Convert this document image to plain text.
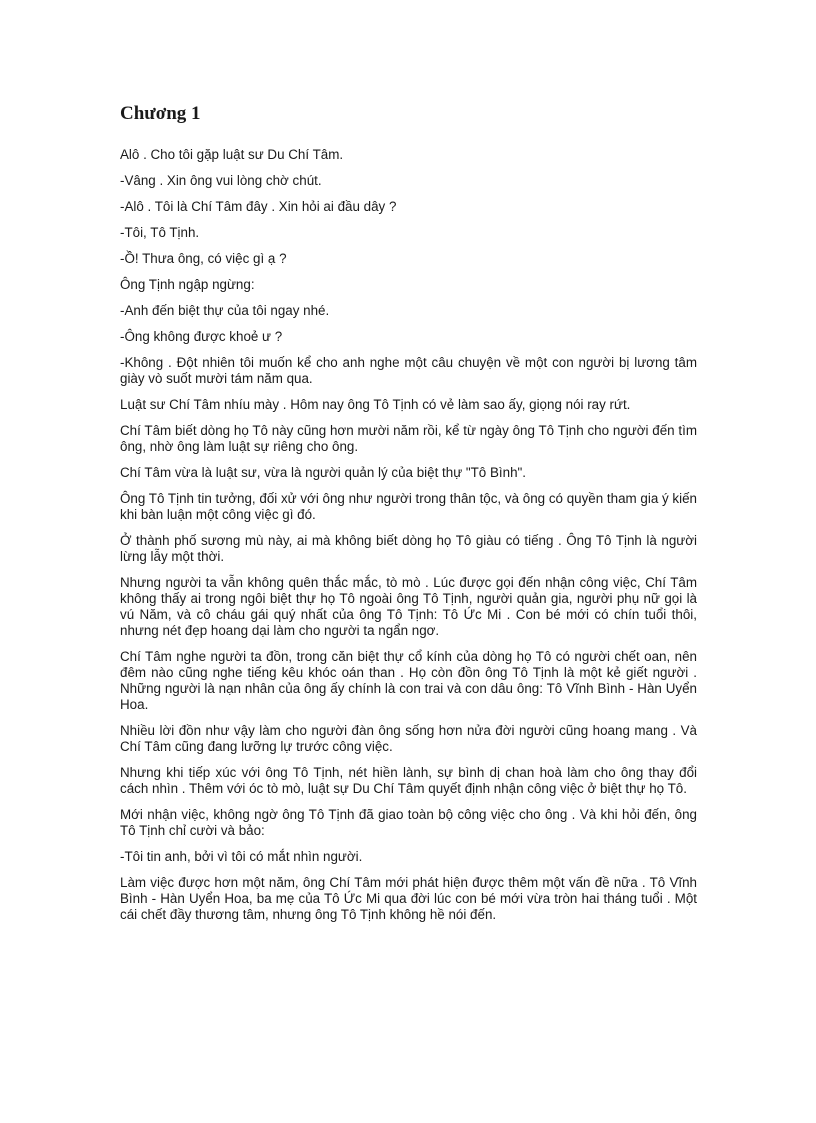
Chương 1

Alô . Cho tôi gặp luật sư Du Chí Tâm.

-Vâng . Xin ông vui lòng chờ chút.

-Alô . Tôi là Chí Tâm đây . Xin hỏi ai đầu dây ?

-Tôi, Tô Tịnh.

-Ồ! Thưa ông, có việc gì ạ ?

Ông Tịnh ngập ngừng:

-Anh đến biệt thự của tôi ngay nhé.

-Ông không được khoẻ ư ?

-Không . Đột nhiên tôi muốn kể cho anh nghe một câu chuyện về một con người bị lương tâm giày vò suốt mười tám năm qua.

Luật sư Chí Tâm nhíu mày . Hôm nay ông Tô Tịnh có vẻ làm sao ấy, giọng nói ray rứt.

Chí Tâm biết dòng họ Tô này cũng hơn mười năm rồi, kể từ ngày ông Tô Tịnh cho người đến tìm ông, nhờ ông làm luật sự riêng cho ông.

Chí Tâm vừa là luật sư, vừa là người quản lý của biệt thự "Tô Bình".

Ông Tô Tịnh tin tưởng, đối xử với ông như người trong thân tộc, và ông có quyền tham gia ý kiến khi bàn luận một công việc gì đó.

Ở thành phố sương mù này, ai mà không biết dòng họ Tô giàu có tiếng . Ông Tô Tịnh là người lừng lẫy một thời.

Nhưng người ta vẫn không quên thắc mắc, tò mò . Lúc được gọi đến nhận công việc, Chí Tâm không thấy ai trong ngôi biệt thự họ Tô ngoài ông Tô Tịnh, người quản gia, người phụ nữ gọi là vú Năm, và cô cháu gái quý nhất của ông Tô Tịnh: Tô Ức Mi . Con bé mới có chín tuổi thôi, nhưng nét đẹp hoang dại làm cho người ta ngẩn ngơ.

Chí Tâm nghe người ta đồn, trong căn biệt thự cổ kính của dòng họ Tô có người chết oan, nên đêm nào cũng nghe tiếng kêu khóc oán than . Họ còn đồn ông Tô Tịnh là một kẻ giết người . Những người là nạn nhân của ông ấy chính là con trai và con dâu ông: Tô Vĩnh Bình - Hàn Uyển Hoa.

Nhiều lời đồn như vậy làm cho người đàn ông sống hơn nửa đời người cũng hoang mang . Và Chí Tâm cũng đang lưỡng lự trước công việc.

Nhưng khi tiếp xúc với ông Tô Tịnh, nét hiền lành, sự bình dị chan hoà làm cho ông thay đổi cách nhìn . Thêm với óc tò mò, luật sự Du Chí Tâm quyết định nhận công việc ở biệt thự họ Tô.

Mới nhận việc, không ngờ ông Tô Tịnh đã giao toàn bộ công việc cho ông . Và khi hỏi đến, ông Tô Tịnh chỉ cười và bảo:

-Tôi tin anh, bởi vì tôi có mắt nhìn người.

Làm việc được hơn một năm, ông Chí Tâm mới phát hiện được thêm một vấn đề nữa . Tô Vĩnh Bình - Hàn Uyển Hoa, ba mẹ của Tô Ức Mi qua đời lúc con bé mới vừa tròn hai tháng tuổi . Một cái chết đầy thương tâm, nhưng ông Tô Tịnh không hề nói đến.
